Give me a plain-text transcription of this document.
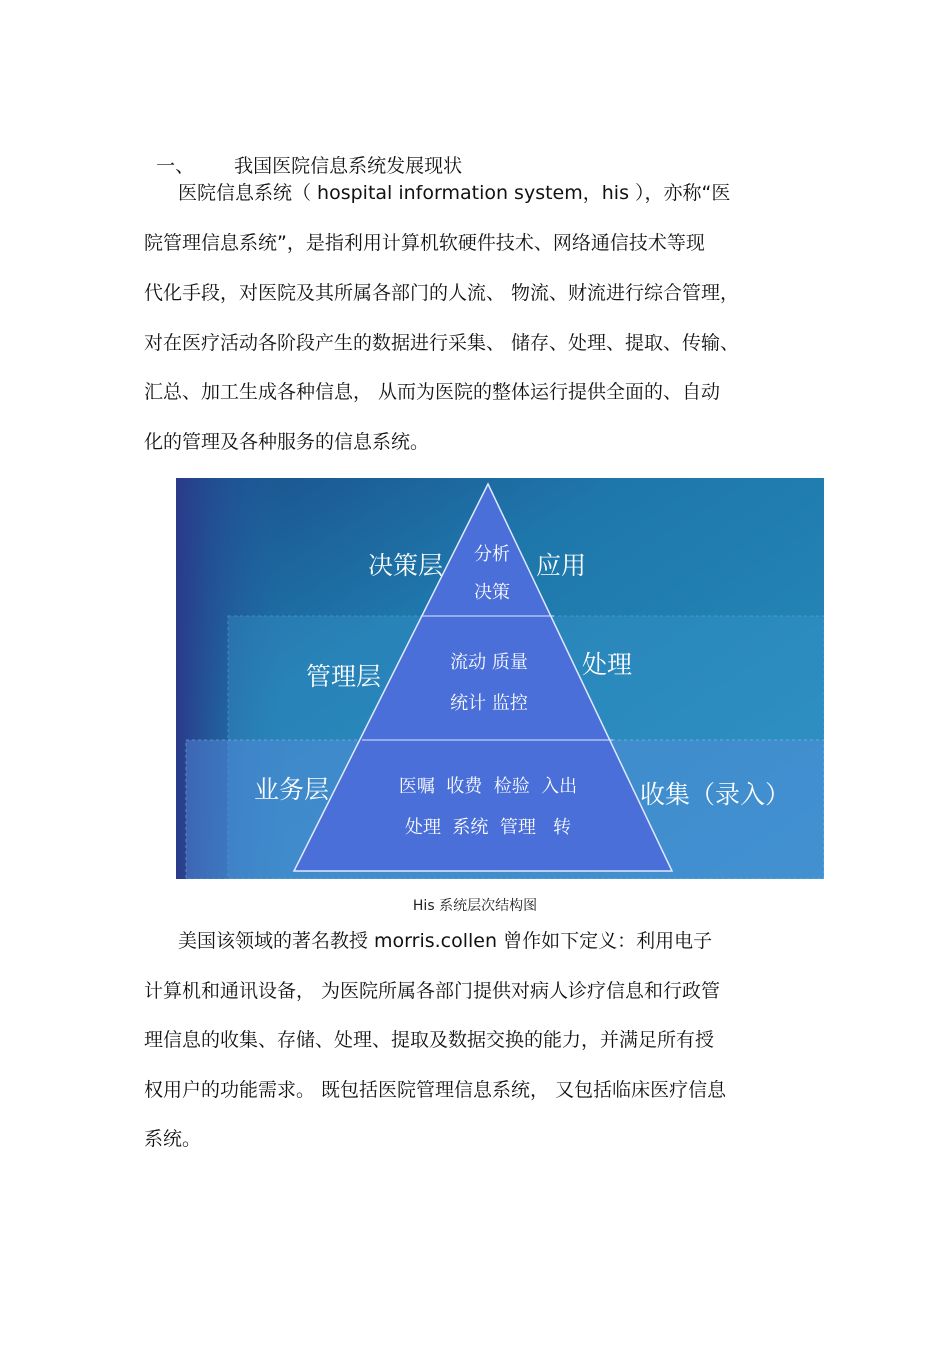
一、 我国医院信息系统发展现状

医院信息系统（ hospital information system，his ），亦称“医
院管理信息系统”，是指利用计算机软硬件技术、网络通信技术等现
代化手段，对医院及其所属各部门的人流、 物流、财流进行综合管理，
对在医疗活动各阶段产生的数据进行采集、 储存、处理、提取、传输、
汇总、加工生成各种信息， 从而为医院的整体运行提供全面的、自动
化的管理及各种服务的信息系统。
决策层	应用
分析
决策
管理层	处理
流动 质量
统计 监控
业务层	收集（录入）
医嘱  收费  检验  入出
处理  系统  管理   转
His 系统层次结构图
美国该领域的著名教授 morris.collen 曾作如下定义：利用电子
计算机和通讯设备， 为医院所属各部门提供对病人诊疗信息和行政管
理信息的收集、存储、处理、提取及数据交换的能力，并满足所有授
权用户的功能需求。 既包括医院管理信息系统， 又包括临床医疗信息
系统。
